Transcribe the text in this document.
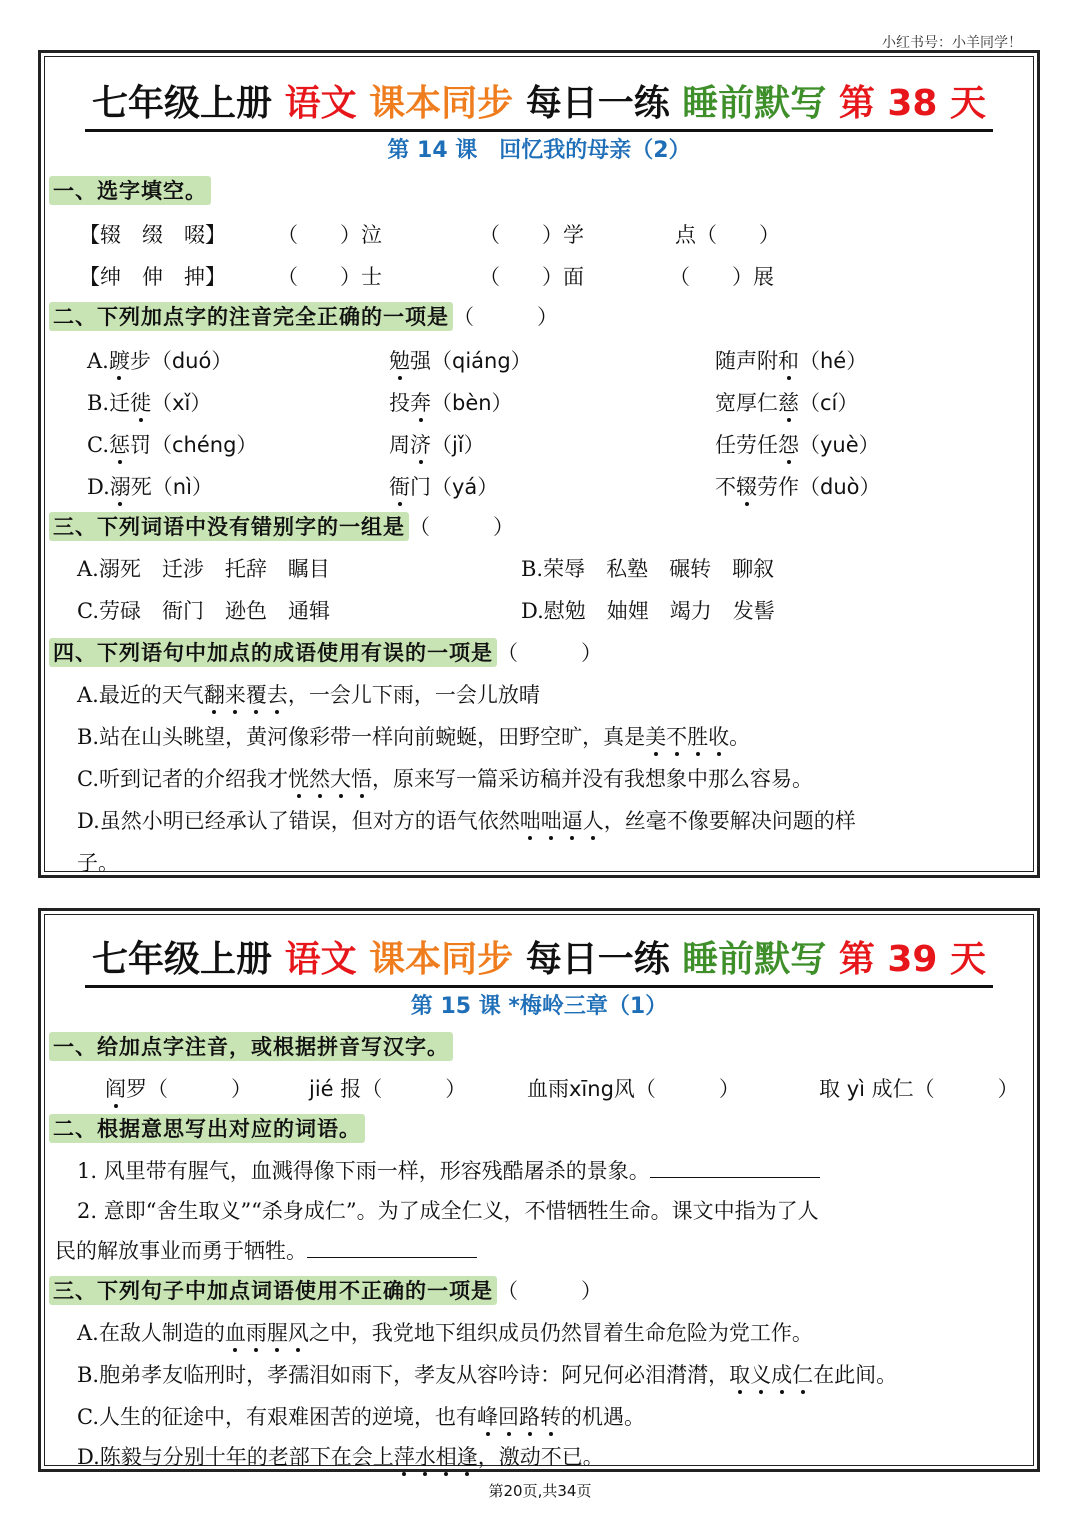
小红书号：小羊同学！
七年级上册 语文 课本同步 每日一练 睡前默写 第 38 天
第 14 课　回忆我的母亲（2）
一、选字填空。
【辍　缀　啜】 （　　）泣	（　　）学	点（　　）
【绅　伸　抻】 （　　）士	（　　）面	（　　）展
二、下列加点字的注音完全正确的一项是 （　　　）
A.踱步（duó）	勉强（qiáng）	随声附和（hé）
B.迁徙（xǐ）	投奔（bèn）	宽厚仁慈（cí）
C.惩罚（chéng）	周济（jǐ）	任劳任怨（yuè）
D.溺死（nì）	衙门（yá）	不辍劳作（duò）
三、下列词语中没有错别字的一组是 （　　　）
A.溺死　迁涉　托辞　瞩目	B.荣辱　私塾　碾转　聊叙
C.劳碌　衙门　逊色　通辑	D.慰勉　妯娌　竭力　发髻
四、下列语句中加点的成语使用有误的一项是 （　　　）
A.最近的天气翻来覆去，一会儿下雨，一会儿放晴
B.站在山头眺望，黄河像彩带一样向前蜿蜒，田野空旷，真是美不胜收。
C.听到记者的介绍我才恍然大悟，原来写一篇采访稿并没有我想象中那么容易。
D.虽然小明已经承认了错误，但对方的语气依然咄咄逼人，丝毫不像要解决问题的样
子。
七年级上册 语文 课本同步 每日一练 睡前默写 第 39 天
第 15 课 *梅岭三章（1）
一、给加点字注音，或根据拼音写汉字。
阎罗（　　　）	jié 报（　　　）	血雨xīng风（　　　）	取 yì 成仁（　　　）
二、根据意思写出对应的词语。
1. 风里带有腥气，血溅得像下雨一样，形容残酷屠杀的景象。
2. 意即“舍生取义”“杀身成仁”。为了成全仁义，不惜牺牲生命。课文中指为了人
民的解放事业而勇于牺牲。
三、下列句子中加点词语使用不正确的一项是 （　　　）
A.在敌人制造的血雨腥风之中，我党地下组织成员仍然冒着生命危险为党工作。
B.胞弟孝友临刑时，孝孺泪如雨下，孝友从容吟诗：阿兄何必泪潸潸，取义成仁在此间。
C.人生的征途中，有艰难困苦的逆境，也有峰回路转的机遇。
D.陈毅与分别十年的老部下在会上萍水相逢，激动不已。
第20页,共34页
